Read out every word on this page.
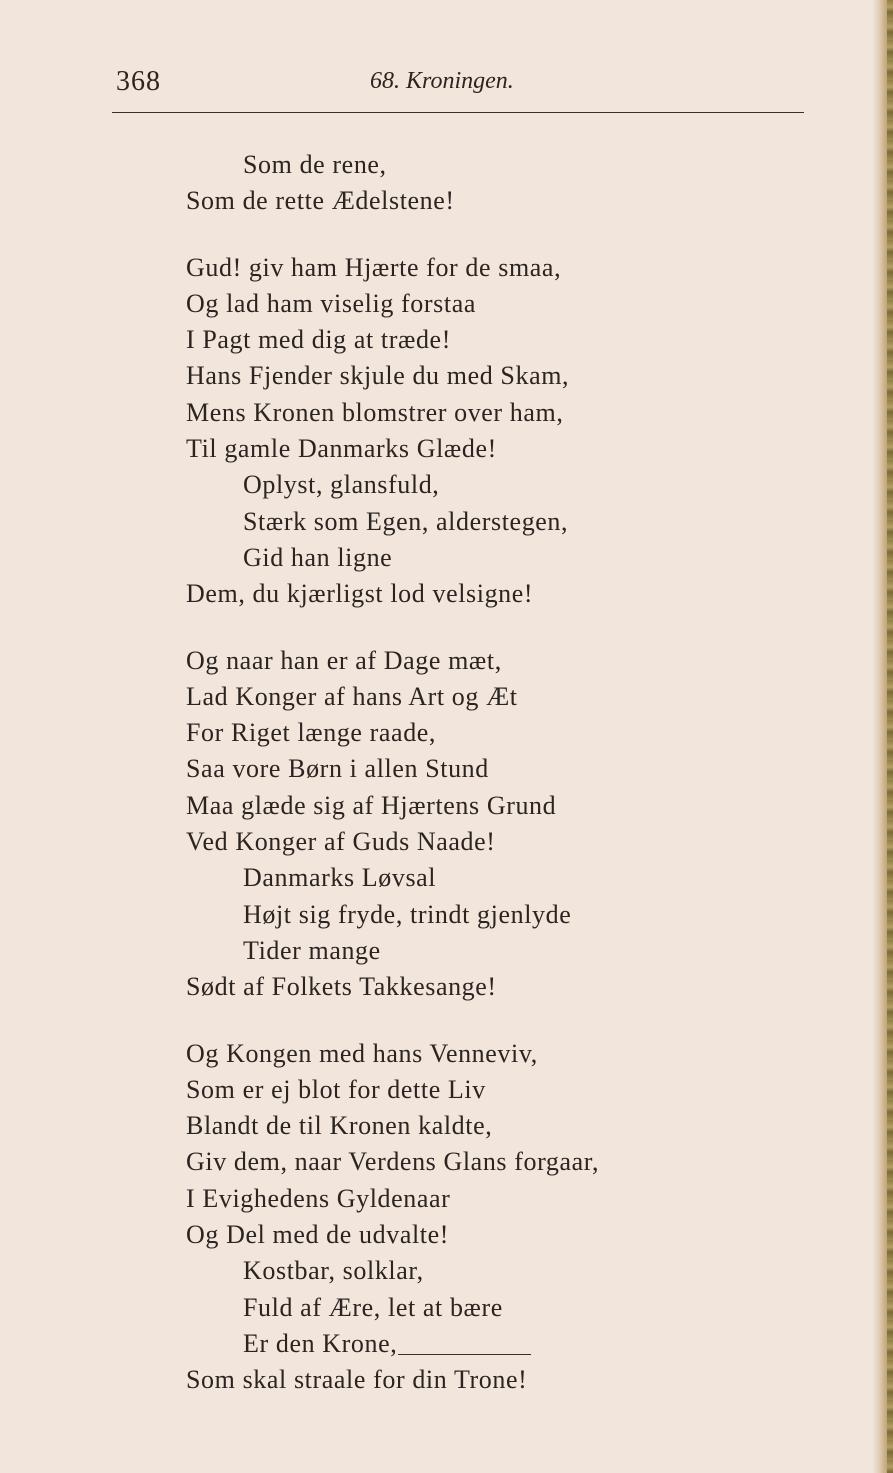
368	68. Kroningen.
Som de rene,
Som de rette Ædelstene!
Gud! giv ham Hjærte for de smaa,
Og lad ham viselig forstaa
I Pagt med dig at træde!
Hans Fjender skjule du med Skam,
Mens Kronen blomstrer over ham,
Til gamle Danmarks Glæde!
Oplyst, glansfuld,
Stærk som Egen, alderstegen,
Gid han ligne
Dem, du kjærligst lod velsigne!
Og naar han er af Dage mæt,
Lad Konger af hans Art og Æt
For Riget længe raade,
Saa vore Børn i allen Stund
Maa glæde sig af Hjærtens Grund
Ved Konger af Guds Naade!
Danmarks Løvsal
Højt sig fryde, trindt gjenlyde
Tider mange
Sødt af Folkets Takkesange!
Og Kongen med hans Venneviv,
Som er ej blot for dette Liv
Blandt de til Kronen kaldte,
Giv dem, naar Verdens Glans forgaar,
I Evighedens Gyldenaar
Og Del med de udvalte!
Kostbar, solklar,
Fuld af Ære, let at bære
Er den Krone,
Som skal straale for din Trone!
